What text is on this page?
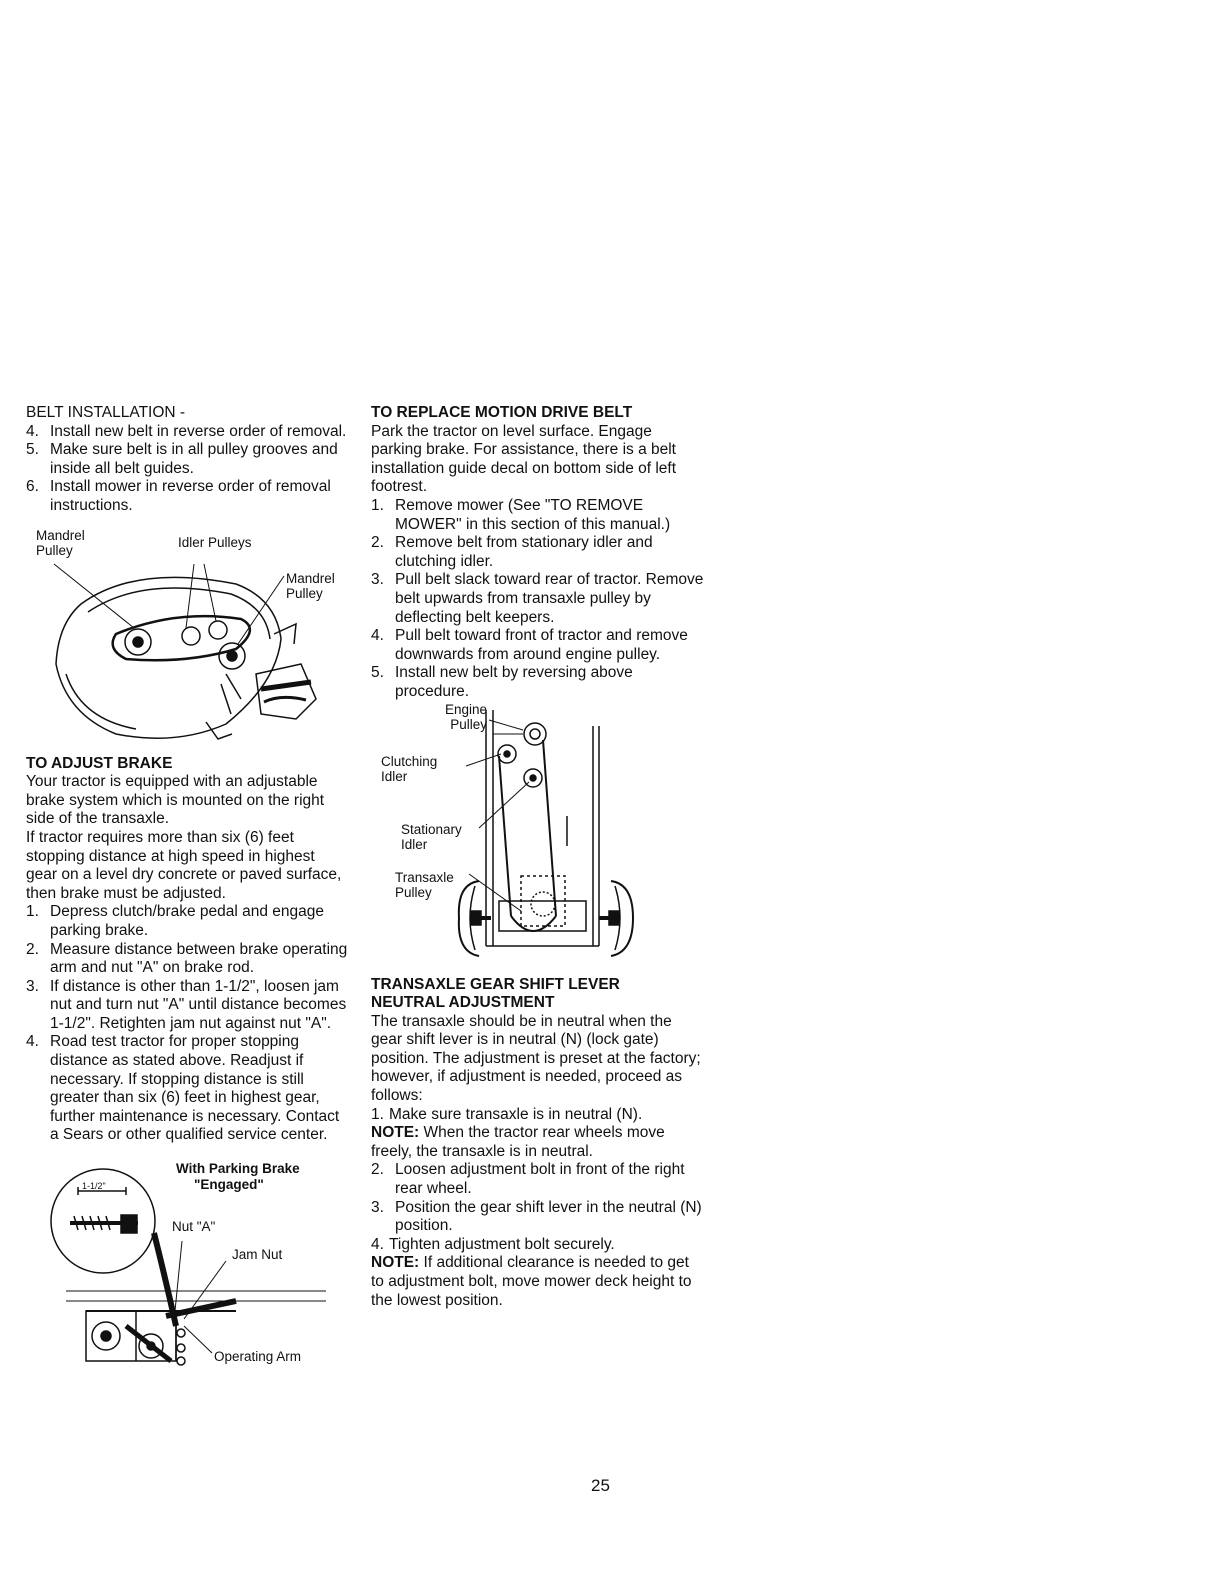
BELT INSTALLATION -

4. Install new belt in reverse order of removal.
5. Make sure belt is in all pulley grooves and inside all belt guides.
6. Install mower in reverse order of removal instructions.
Mandrel
Pulley
Idler Pulleys
Mandrel
Pulley

TO ADJUST BRAKE

Your tractor is equipped with an adjustable brake system which is mounted on the right side of the transaxle.

If tractor requires more than six (6) feet stopping distance at high speed in highest gear on a level dry concrete or paved surface, then brake must be adjusted.

1. Depress clutch/brake pedal and engage parking brake.
2. Measure distance between brake operating arm and nut "A" on brake rod.
3. If distance is other than 1-1/2", loosen jam nut and turn nut "A" until distance becomes 1-1/2". Retighten jam nut against nut "A".
4. Road test tractor for proper stopping distance as stated above. Readjust if necessary. If stopping distance is still greater than six (6) feet in highest gear, further maintenance is necessary. Contact a Sears or other qualified service center.
With Parking Brake
"Engaged"
1-1/2"
Nut "A"
Jam Nut
Operating Arm

TO REPLACE MOTION DRIVE BELT

Park the tractor on level surface. Engage parking brake. For assistance, there is a belt installation guide decal on bottom side of left footrest.

1. Remove mower (See "TO REMOVE MOWER" in this section of this manual.)
2. Remove belt from stationary idler and clutching idler.
3. Pull belt slack toward rear of tractor. Remove belt upwards from transaxle pulley by deflecting belt keepers.
4. Pull belt toward front of tractor and remove downwards from around engine pulley.
5. Install new belt by reversing above procedure.
Engine
Pulley
Clutching
Idler
Stationary
Idler
Transaxle
Pulley

TRANSAXLE GEAR SHIFT LEVER

NEUTRAL ADJUSTMENT

The transaxle should be in neutral when the gear shift lever is in neutral (N) (lock gate) position. The adjustment is preset at the factory; however, if adjustment is needed, proceed as follows:

1. Make sure transaxle is in neutral (N).

NOTE: When the tractor rear wheels move freely, the transaxle is in neutral.

2. Loosen adjustment bolt in front of the right rear wheel.
3. Position the gear shift lever in the neutral (N) position.
4. Tighten adjustment bolt securely.

NOTE: If additional clearance is needed to get to adjustment bolt, move mower deck height to the lowest position.

25
